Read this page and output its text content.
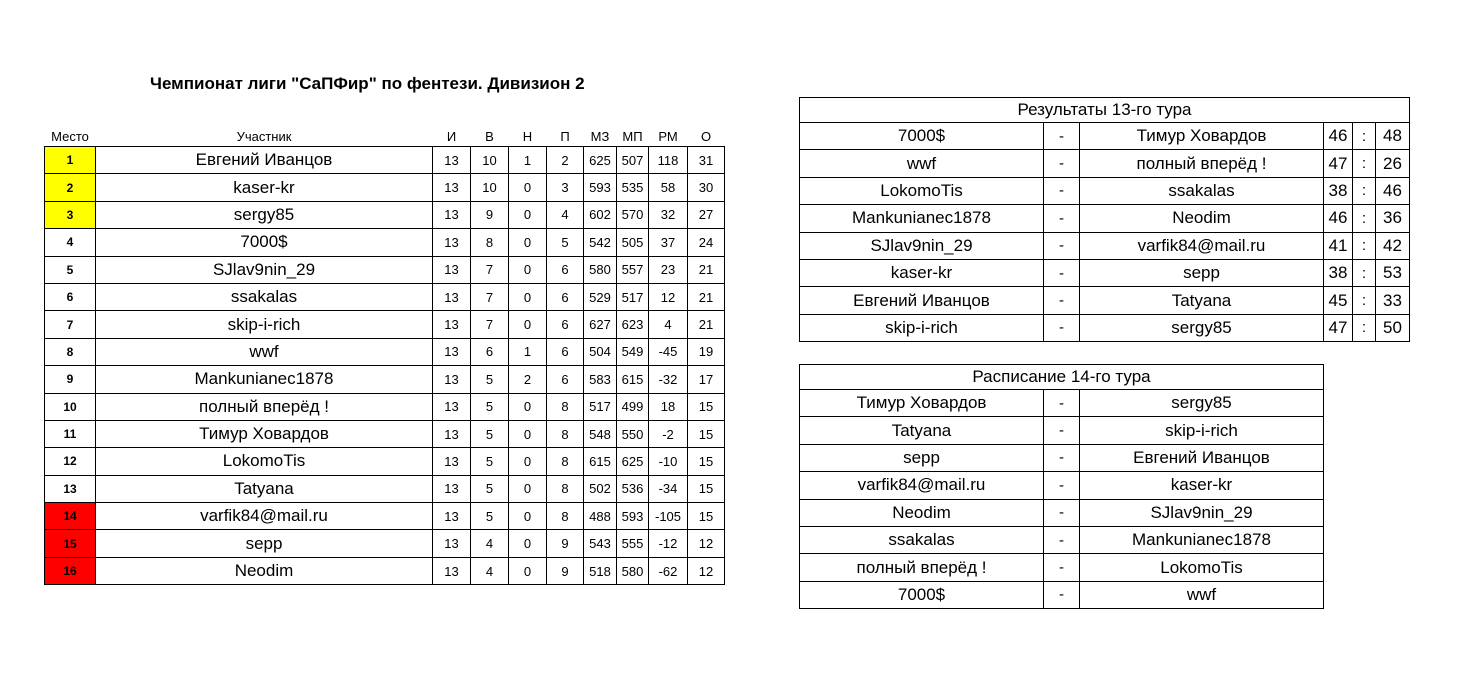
Чемпионат лиги "СаПФир" по фентези. Дивизион 2
Место	Участник	И	В	Н	П	МЗ	МП	РМ	О
1	Евгений Иванцов	13	10	1	2	625	507	118	31
2	kaser-kr	13	10	0	3	593	535	58	30
3	sergy85	13	9	0	4	602	570	32	27
4	7000$	13	8	0	5	542	505	37	24
5	SJlav9nin_29	13	7	0	6	580	557	23	21
6	ssakalas	13	7	0	6	529	517	12	21
7	skip-i-rich	13	7	0	6	627	623	4	21
8	wwf	13	6	1	6	504	549	-45	19
9	Mankunianec1878	13	5	2	6	583	615	-32	17
10	полный вперёд !	13	5	0	8	517	499	18	15
11	Тимур Ховардов	13	5	0	8	548	550	-2	15
12	LokomoTis	13	5	0	8	615	625	-10	15
13	Tatyana	13	5	0	8	502	536	-34	15
14	varfik84@mail.ru	13	5	0	8	488	593	-105	15
15	sepp	13	4	0	9	543	555	-12	12
16	Neodim	13	4	0	9	518	580	-62	12
Результаты 13-го тура					
7000$	-	Тимур Ховардов	46	:	48
wwf	-	полный вперёд !	47	:	26
LokomoTis	-	ssakalas	38	:	46
Mankunianec1878	-	Neodim	46	:	36
SJlav9nin_29	-	varfik84@mail.ru	41	:	42
kaser-kr	-	sepp	38	:	53
Евгений Иванцов	-	Tatyana	45	:	33
skip-i-rich	-	sergy85	47	:	50
Расписание 14-го тура		
Тимур Ховардов	-	sergy85
Tatyana	-	skip-i-rich
sepp	-	Евгений Иванцов
varfik84@mail.ru	-	kaser-kr
Neodim	-	SJlav9nin_29
ssakalas	-	Mankunianec1878
полный вперёд !	-	LokomoTis
7000$	-	wwf
